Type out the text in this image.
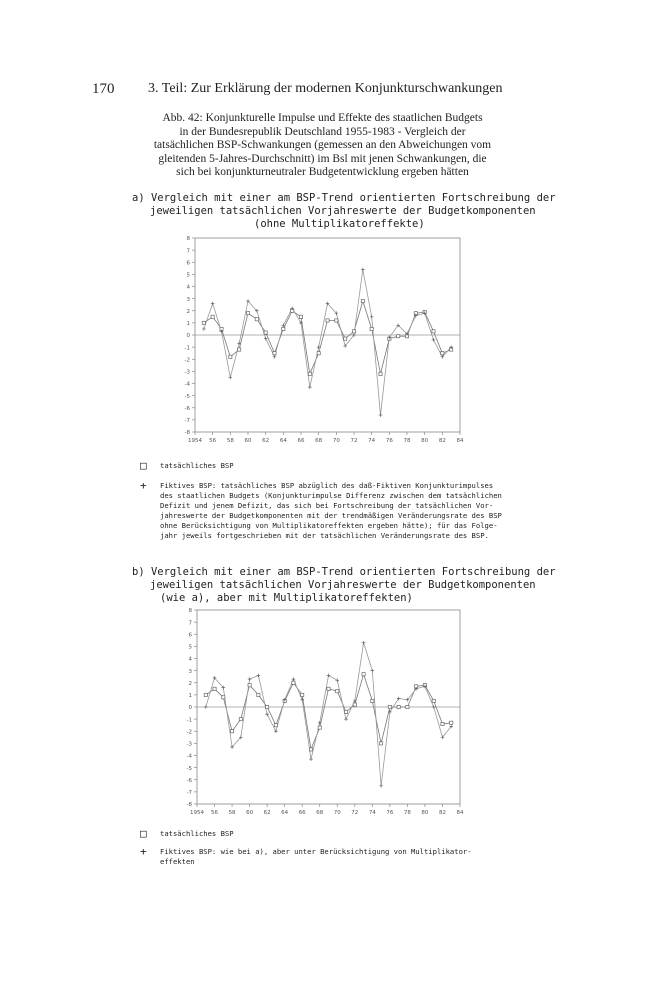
170 3. Teil: Zur Erklärung der modernen Konjunkturschwankungen
Abb. 42: Konjunkturelle Impulse und Effekte des staatlichen Budgets
in der Bundesrepublik Deutschland 1955-1983 - Vergleich der
tatsächlichen BSP-Schwankungen (gemessen an den Abweichungen vom
gleitenden 5-Jahres-Durchschnitt) im Bsl mit jenen Schwankungen, die
sich bei konjunkturneutraler Budgetentwicklung ergeben hätten
a) Vergleich mit einer am BSP-Trend orientierten Fortschreibung der
jeweiligen tatsächlichen Vorjahreswerte der Budgetkomponenten
(ohne Multiplikatoreffekte)
8
7
6
5
4
3
2
1
0
-1
-2
-3
-4
-5
-6
-7
-8
1954 56 58 60 62 64 66 68 70 72 74 76 78 80 82 84
□ tatsächliches BSP
+ Fiktives BSP: tatsächliches BSP abzüglich des daß-Fiktiven Konjunkturimpulses
des staatlichen Budgets (Konjunkturimpulse Differenz zwischen dem tatsächlichen
Defizit und jenem Defizit, das sich bei Fortschreibung der tatsächlichen Vor-
jahreswerte der Budgetkomponenten mit der trendmäßigen Veränderungsrate des BSP
ohne Berücksichtigung von Multiplikatoreffekten ergeben hätte); für das Folge-
jahr jeweils fortgeschrieben mit der tatsächlichen Veränderungsrate des BSP.
b) Vergleich mit einer am BSP-Trend orientierten Fortschreibung der
jeweiligen tatsächlichen Vorjahreswerte der Budgetkomponenten
(wie a), aber mit Multiplikatoreffekten)
8
7
6
5
4
3
2
1
0
-1
-2
-3
-4
-5
-6
-7
-8
1954 56 58 60 62 64 66 68 70 72 74 76 78 80 82 84
□ tatsächliches BSP
+ Fiktives BSP: wie bei a), aber unter Berücksichtigung von Multiplikator-
effekten
